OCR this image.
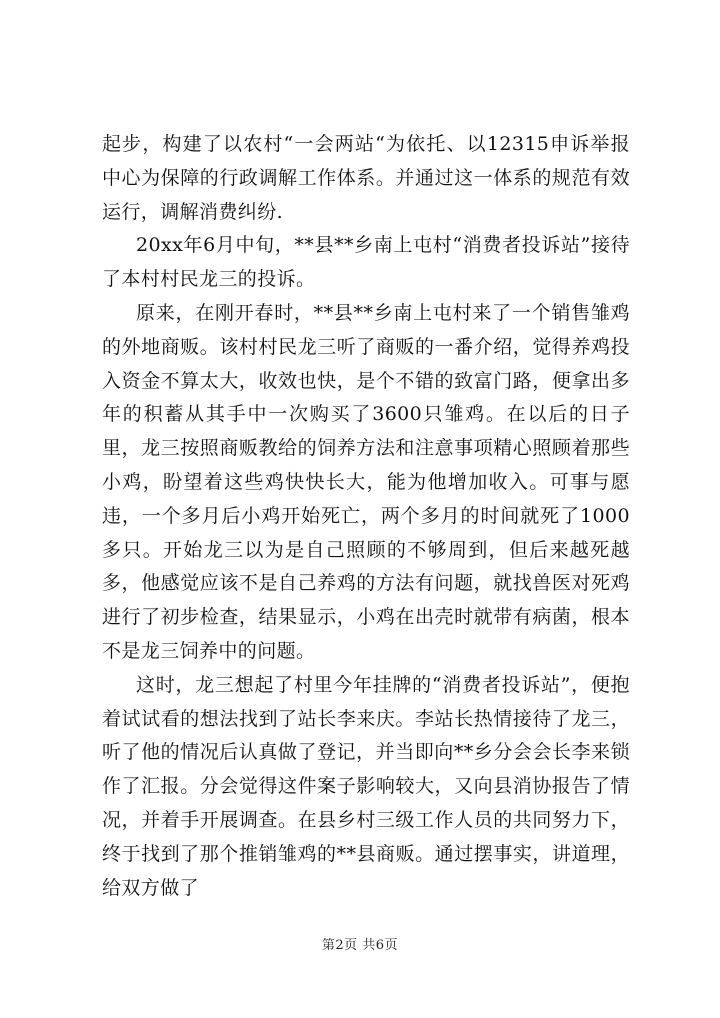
起步，构建了以农村“一会两站“为依托、以12315申诉举报中心为保障的行政调解工作体系。并通过这一体系的规范有效运行，调解消费纠纷.

20xx年6月中旬，**县**乡南上屯村“消费者投诉站”接待了本村村民龙三的投诉。

原来，在刚开春时，**县**乡南上屯村来了一个销售雏鸡的外地商贩。该村村民龙三听了商贩的一番介绍，觉得养鸡投入资金不算太大，收效也快，是个不错的致富门路，便拿出多年的积蓄从其手中一次购买了3600只雏鸡。在以后的日子里，龙三按照商贩教给的饲养方法和注意事项精心照顾着那些小鸡，盼望着这些鸡快快长大，能为他增加收入。可事与愿违，一个多月后小鸡开始死亡，两个多月的时间就死了1000多只。开始龙三以为是自己照顾的不够周到，但后来越死越多，他感觉应该不是自己养鸡的方法有问题，就找兽医对死鸡进行了初步检查，结果显示，小鸡在出壳时就带有病菌，根本不是龙三饲养中的问题。

这时，龙三想起了村里今年挂牌的“消费者投诉站”，便抱着试试看的想法找到了站长李来庆。李站长热情接待了龙三，听了他的情况后认真做了登记，并当即向**乡分会会长李来锁作了汇报。分会觉得这件案子影响较大，又向县消协报告了情况，并着手开展调查。在县乡村三级工作人员的共同努力下，终于找到了那个推销雏鸡的**县商贩。通过摆事实，讲道理，给双方做了

第2页 共6页
